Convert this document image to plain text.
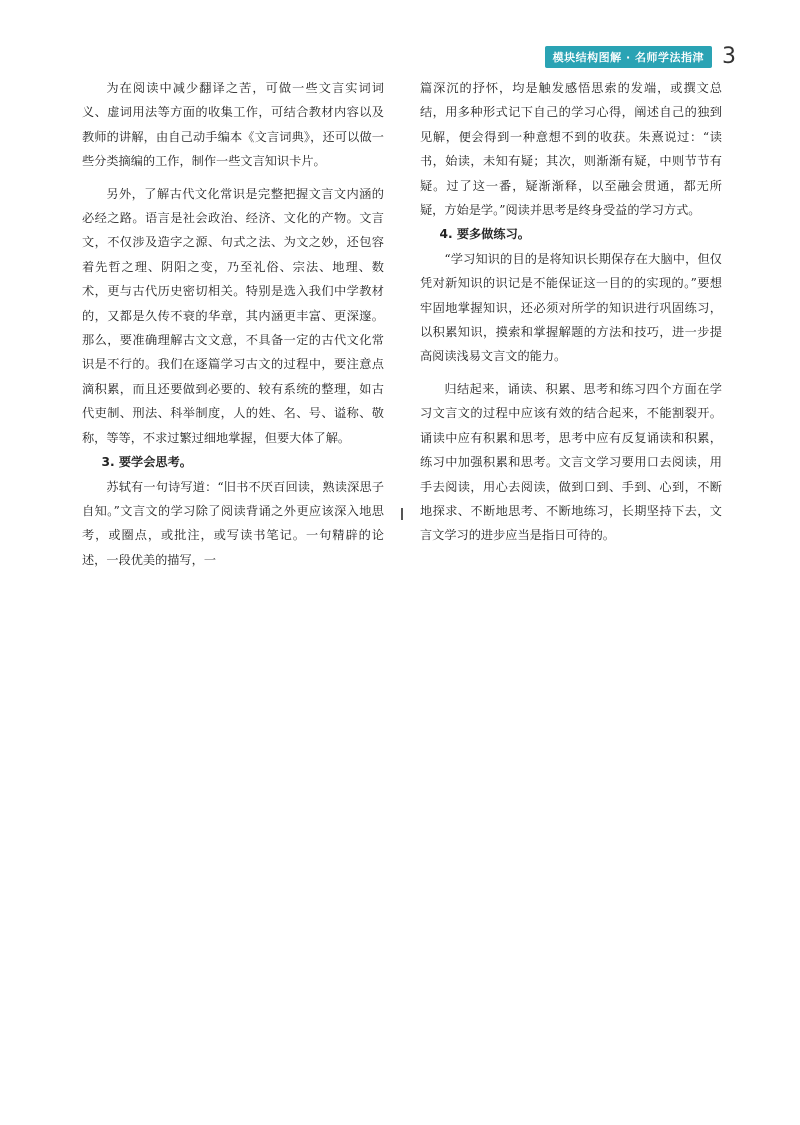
模块结构图解 · 名师学法指津 3

为在阅读中减少翻译之苦，可做一些文言实词词义、虚词用法等方面的收集工作，可结合教材内容以及教师的讲解，由自己动手编本《文言词典》，还可以做一些分类摘编的工作，制作一些文言知识卡片。

另外，了解古代文化常识是完整把握文言文内涵的必经之路。语言是社会政治、经济、文化的产物。文言文，不仅涉及造字之源、句式之法、为文之妙，还包容着先哲之理、阴阳之变，乃至礼俗、宗法、地理、数术，更与古代历史密切相关。特别是选入我们中学教材的，又都是久传不衰的华章，其内涵更丰富、更深邃。那么，要准确理解古文文意，不具备一定的古代文化常识是不行的。我们在逐篇学习古文的过程中，要注意点滴积累，而且还要做到必要的、较有系统的整理，如古代吏制、刑法、科举制度，人的姓、名、号、谥称、敬称，等等，不求过繁过细地掌握，但要大体了解。

3. 要学会思考。

苏轼有一句诗写道：“旧书不厌百回读，熟读深思子自知。”文言文的学习除了阅读背诵之外更应该深入地思考，或圈点，或批注，或写读书笔记。一句精辟的论述，一段优美的描写，一

篇深沉的抒怀，均是触发感悟思索的发端，或撰文总结，用多种形式记下自己的学习心得，阐述自己的独到见解，便会得到一种意想不到的收获。朱熹说过：“读书，始读，未知有疑；其次，则渐渐有疑，中则节节有疑。过了这一番，疑渐渐释，以至融会贯通，都无所疑，方始是学。”阅读并思考是终身受益的学习方式。

4. 要多做练习。

“学习知识的目的是将知识长期保存在大脑中，但仅凭对新知识的识记是不能保证这一目的的实现的。”要想牢固地掌握知识，还必须对所学的知识进行巩固练习，以积累知识，摸索和掌握解题的方法和技巧，进一步提高阅读浅易文言文的能力。

归结起来，诵读、积累、思考和练习四个方面在学习文言文的过程中应该有效的结合起来，不能割裂开。诵读中应有积累和思考，思考中应有反复诵读和积累，练习中加强积累和思考。文言文学习要用口去阅读，用手去阅读，用心去阅读，做到口到、手到、心到，不断地探求、不断地思考、不断地练习，长期坚持下去，文言文学习的进步应当是指日可待的。
